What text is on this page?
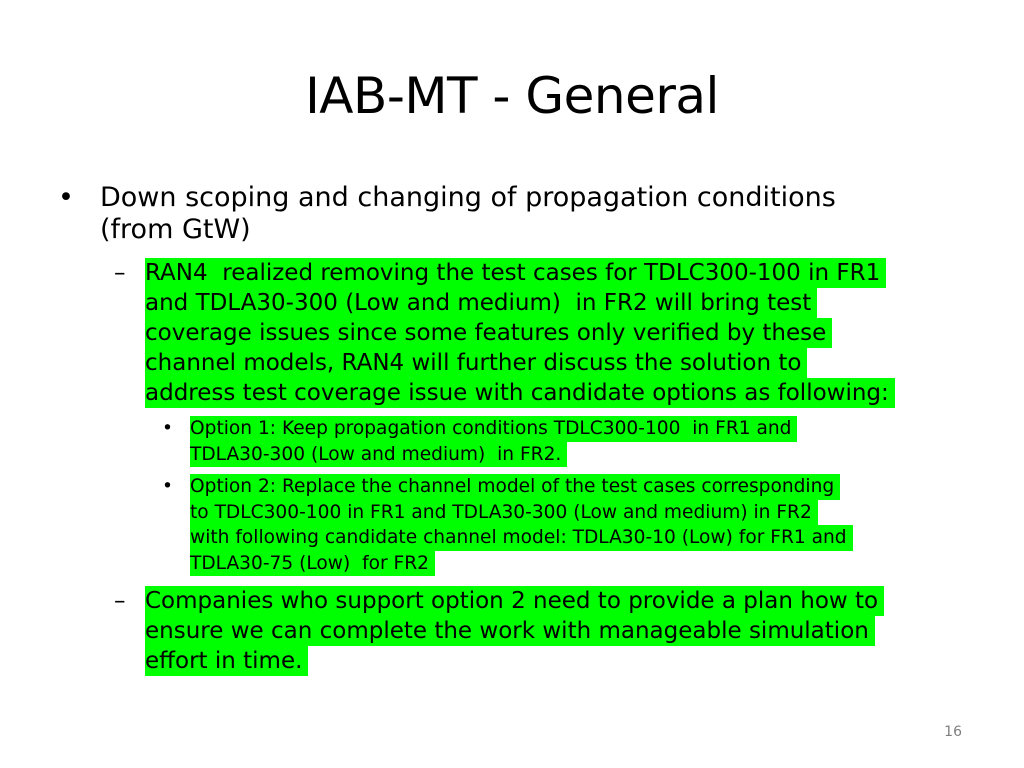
IAB-MT - General
• Down scoping and changing of propagation conditions
(from GtW)
– RAN4  realized removing the test cases for TDLC300-100 in FR1
and TDLA30-300 (Low and medium)  in FR2 will bring test
coverage issues since some features only verified by these
channel models, RAN4 will further discuss the solution to
address test coverage issue with candidate options as following:
• Option 1: Keep propagation conditions TDLC300-100  in FR1 and
TDLA30-300 (Low and medium)  in FR2.
• Option 2: Replace the channel model of the test cases corresponding
to TDLC300-100 in FR1 and TDLA30-300 (Low and medium) in FR2
with following candidate channel model: TDLA30-10 (Low) for FR1 and
TDLA30-75 (Low)  for FR2
– Companies who support option 2 need to provide a plan how to
ensure we can complete the work with manageable simulation
effort in time.
16
